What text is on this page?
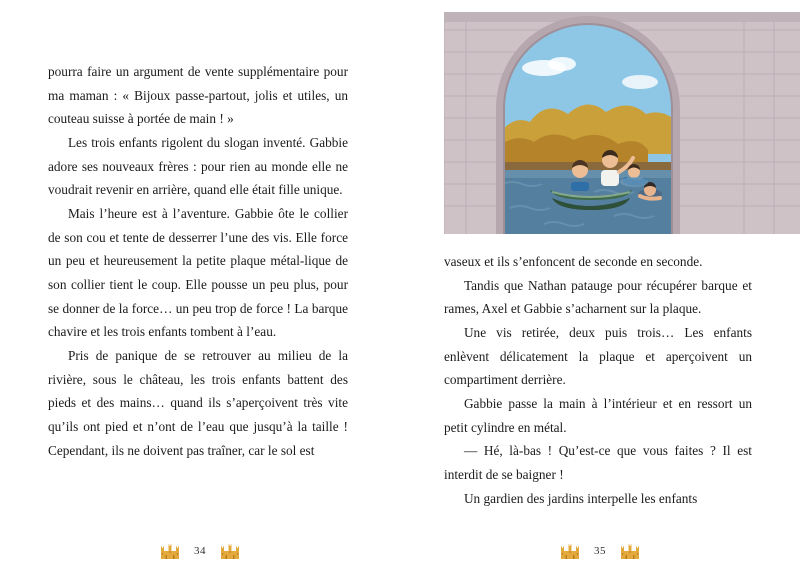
pourra faire un argument de vente supplémentaire pour ma maman : « Bijoux passe-partout, jolis et utiles, un couteau suisse à portée de main ! »

Les trois enfants rigolent du slogan inventé. Gabbie adore ses nouveaux frères : pour rien au monde elle ne voudrait revenir en arrière, quand elle était fille unique.

Mais l’heure est à l’aventure. Gabbie ôte le collier de son cou et tente de desserrer l’une des vis. Elle force un peu et heureusement la petite plaque métal-lique de son collier tient le coup. Elle pousse un peu plus, pour se donner de la force… un peu trop de force ! La barque chavire et les trois enfants tombent à l’eau.

Pris de panique de se retrouver au milieu de la rivière, sous le château, les trois enfants battent des pieds et des mains… quand ils s’aperçoivent très vite qu’ils ont pied et n’ont de l’eau que jusqu’à la taille ! Cependant, ils ne doivent pas traîner, car le sol est

34

vaseux et ils s’enfoncent de seconde en seconde.

Tandis que Nathan patauge pour récupérer barque et rames, Axel et Gabbie s’acharnent sur la plaque.

Une vis retirée, deux puis trois… Les enfants enlèvent délicatement la plaque et aperçoivent un compartiment derrière.

Gabbie passe la main à l’intérieur et en ressort un petit cylindre en métal.

— Hé, là-bas ! Qu’est-ce que vous faites ? Il est interdit de se baigner !

Un gardien des jardins interpelle les enfants

35
